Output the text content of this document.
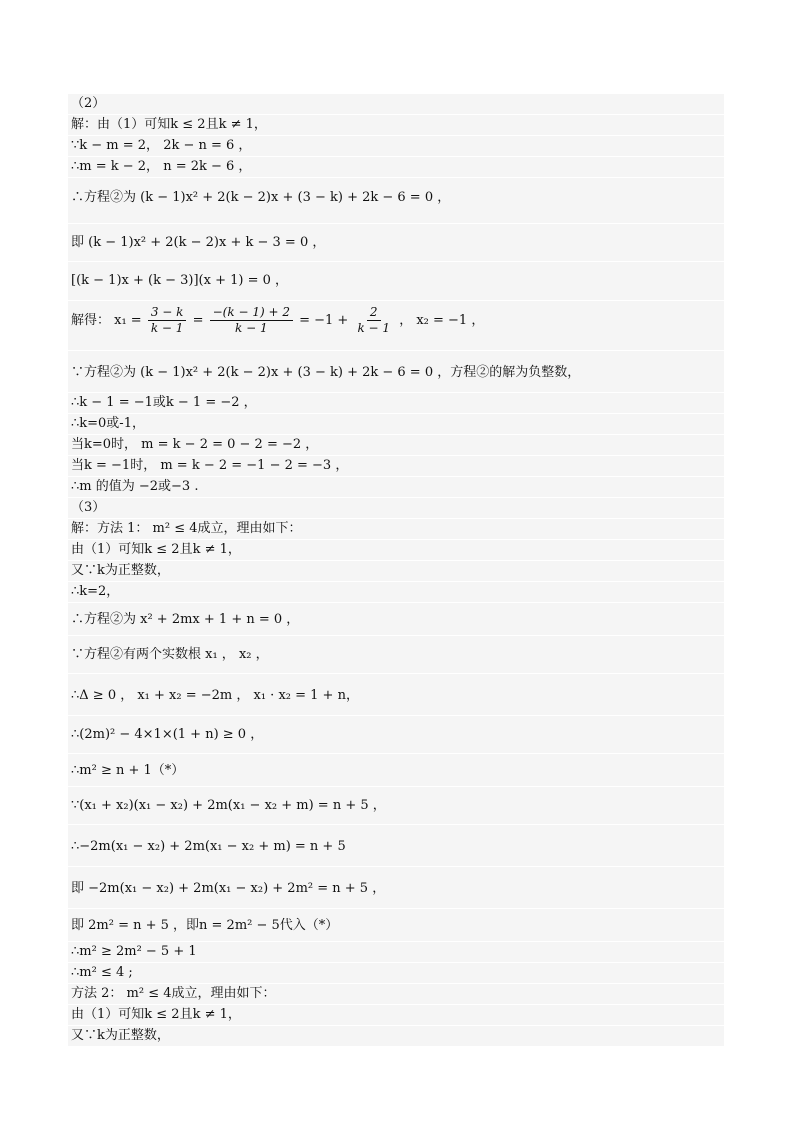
（2）
解：由（1）可知k ≤ 2且k ≠ 1，
∵k − m = 2， 2k − n = 6 ，
∴m = k − 2， n = 2k − 6 ，
∴方程②为 (k − 1)x² + 2(k − 2)x + (3 − k) + 2k − 6 = 0 ，
即 (k − 1)x² + 2(k − 2)x + k − 3 = 0 ，
[(k − 1)x + (k − 3)](x + 1) = 0 ，
解得： $x_1 = \frac{3 - k}{k - 1} = \frac{-(k - 1) + 2}{k - 1} = -1 + \frac{2}{k - 1}$ ， x₂ = −1 ，
∵方程②为 (k − 1)x² + 2(k − 2)x + (3 − k) + 2k − 6 = 0 ，方程②的解为负整数，
∴k − 1 = −1或k − 1 = −2 ，
∴k=0或-1，
当k=0时， m = k − 2 = 0 − 2 = −2 ，
当k = −1时， m = k − 2 = −1 − 2 = −3 ，
∴m 的值为 −2或−3 .
（3）
解：方法 1： m² ≤ 4成立，理由如下：
由（1）可知k ≤ 2且k ≠ 1，
又∵k为正整数，
∴k=2，
∴方程②为 x² + 2mx + 1 + n = 0 ，
∵方程②有两个实数根 x₁ ， x₂ ，
∴Δ ≥ 0 ， x₁ + x₂ = −2m ， x₁ · x₂ = 1 + n，
∴(2m)² − 4×1×(1 + n) ≥ 0 ，
∴m² ≥ n + 1（*）
∵(x₁ + x₂)(x₁ − x₂) + 2m(x₁ − x₂ + m) = n + 5 ，
∴−2m(x₁ − x₂) + 2m(x₁ − x₂ + m) = n + 5
即 −2m(x₁ − x₂) + 2m(x₁ − x₂) + 2m² = n + 5 ，
即 2m² = n + 5 ，即n = 2m² − 5代入（*）
∴m² ≥ 2m² − 5 + 1
∴m² ≤ 4 ;
方法 2： m² ≤ 4成立，理由如下：
由（1）可知k ≤ 2且k ≠ 1，
又∵k为正整数，
